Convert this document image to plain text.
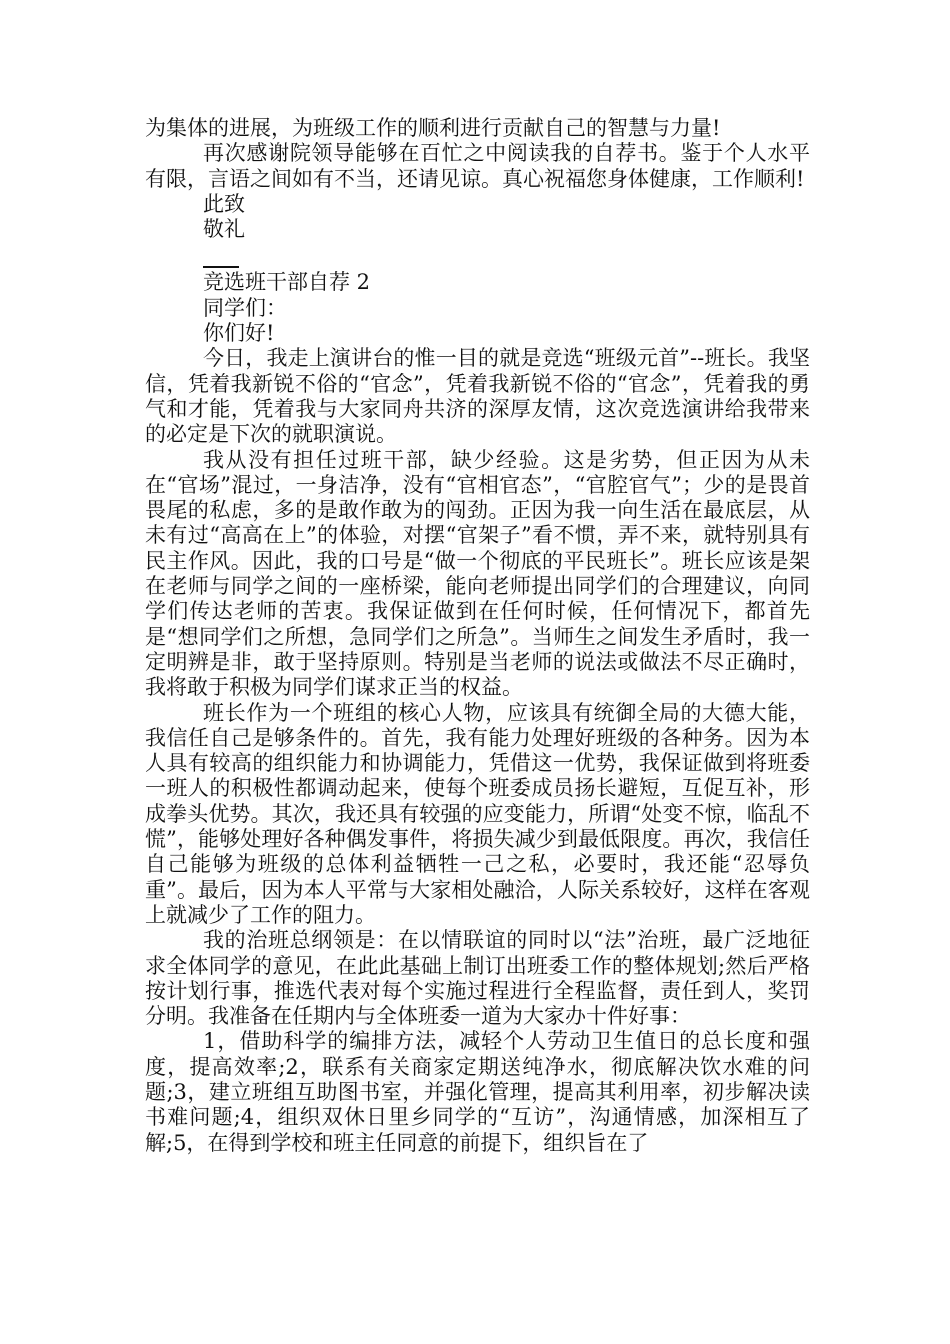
为集体的进展，为班级工作的顺利进行贡献自己的智慧与力量!

再次感谢院领导能够在百忙之中阅读我的自荐书。鉴于个人水平有限，言语之间如有不当，还请见谅。真心祝福您身体健康，工作顺利!

此致

敬礼

竞选班干部自荐 2

同学们：

你们好!

今日，我走上演讲台的惟一目的就是竞选“班级元首”--班长。我坚信，凭着我新锐不俗的“官念”，凭着我新锐不俗的“官念”，凭着我的勇气和才能，凭着我与大家同舟共济的深厚友情，这次竞选演讲给我带来的必定是下次的就职演说。

我从没有担任过班干部，缺少经验。这是劣势，但正因为从未在“官场”混过，一身洁净，没有“官相官态”，“官腔官气”；少的是畏首畏尾的私虑，多的是敢作敢为的闯劲。正因为我一向生活在最底层，从未有过“高高在上”的体验，对摆“官架子”看不惯，弄不来，就特别具有民主作风。因此，我的口号是“做一个彻底的平民班长”。班长应该是架在老师与同学之间的一座桥梁，能向老师提出同学们的合理建议，向同学们传达老师的苦衷。我保证做到在任何时候，任何情况下，都首先是“想同学们之所想，急同学们之所急”。当师生之间发生矛盾时，我一定明辨是非，敢于坚持原则。特别是当老师的说法或做法不尽正确时，我将敢于积极为同学们谋求正当的权益。

班长作为一个班组的核心人物，应该具有统御全局的大德大能，我信任自己是够条件的。首先，我有能力处理好班级的各种务。因为本人具有较高的组织能力和协调能力，凭借这一优势，我保证做到将班委一班人的积极性都调动起来，使每个班委成员扬长避短，互促互补，形成拳头优势。其次，我还具有较强的应变能力，所谓“处变不惊，临乱不慌”，能够处理好各种偶发事件，将损失减少到最低限度。再次，我信任自己能够为班级的总体利益牺牲一己之私，必要时，我还能“忍辱负重”。最后，因为本人平常与大家相处融洽，人际关系较好，这样在客观上就减少了工作的阻力。

我的治班总纲领是：在以情联谊的同时以“法”治班，最广泛地征求全体同学的意见，在此此基础上制订出班委工作的整体规划;然后严格按计划行事，推选代表对每个实施过程进行全程监督，责任到人，奖罚分明。我准备在任期内与全体班委一道为大家办十件好事：

1，借助科学的编排方法，减轻个人劳动卫生值日的总长度和强度，提高效率;2，联系有关商家定期送纯净水，彻底解决饮水难的问题;3，建立班组互助图书室，并强化管理，提高其利用率，初步解决读书难问题;4，组织双休日里乡同学的“互访”，沟通情感，加深相互了解;5，在得到学校和班主任同意的前提下，组织旨在了
